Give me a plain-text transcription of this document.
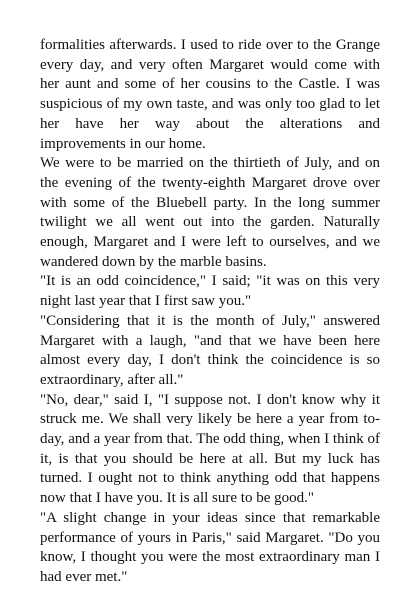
formalities afterwards. I used to ride over to the Grange every day, and very often Margaret would come with her aunt and some of her cousins to the Castle. I was suspicious of my own taste, and was only too glad to let her have her way about the alterations and improvements in our home.

We were to be married on the thirtieth of July, and on the evening of the twenty-eighth Margaret drove over with some of the Bluebell party. In the long summer twilight we all went out into the garden. Naturally enough, Margaret and I were left to ourselves, and we wandered down by the marble basins.

"It is an odd coincidence," I said; "it was on this very night last year that I first saw you."

"Considering that it is the month of July," answered Margaret with a laugh, "and that we have been here almost every day, I don't think the coincidence is so extraordinary, after all."

"No, dear," said I, "I suppose not. I don't know why it struck me. We shall very likely be here a year from to-day, and a year from that. The odd thing, when I think of it, is that you should be here at all. But my luck has turned. I ought not to think anything odd that happens now that I have you. It is all sure to be good."

"A slight change in your ideas since that remarkable performance of yours in Paris," said Margaret. "Do you know, I thought you were the most extraordinary man I had ever met."
